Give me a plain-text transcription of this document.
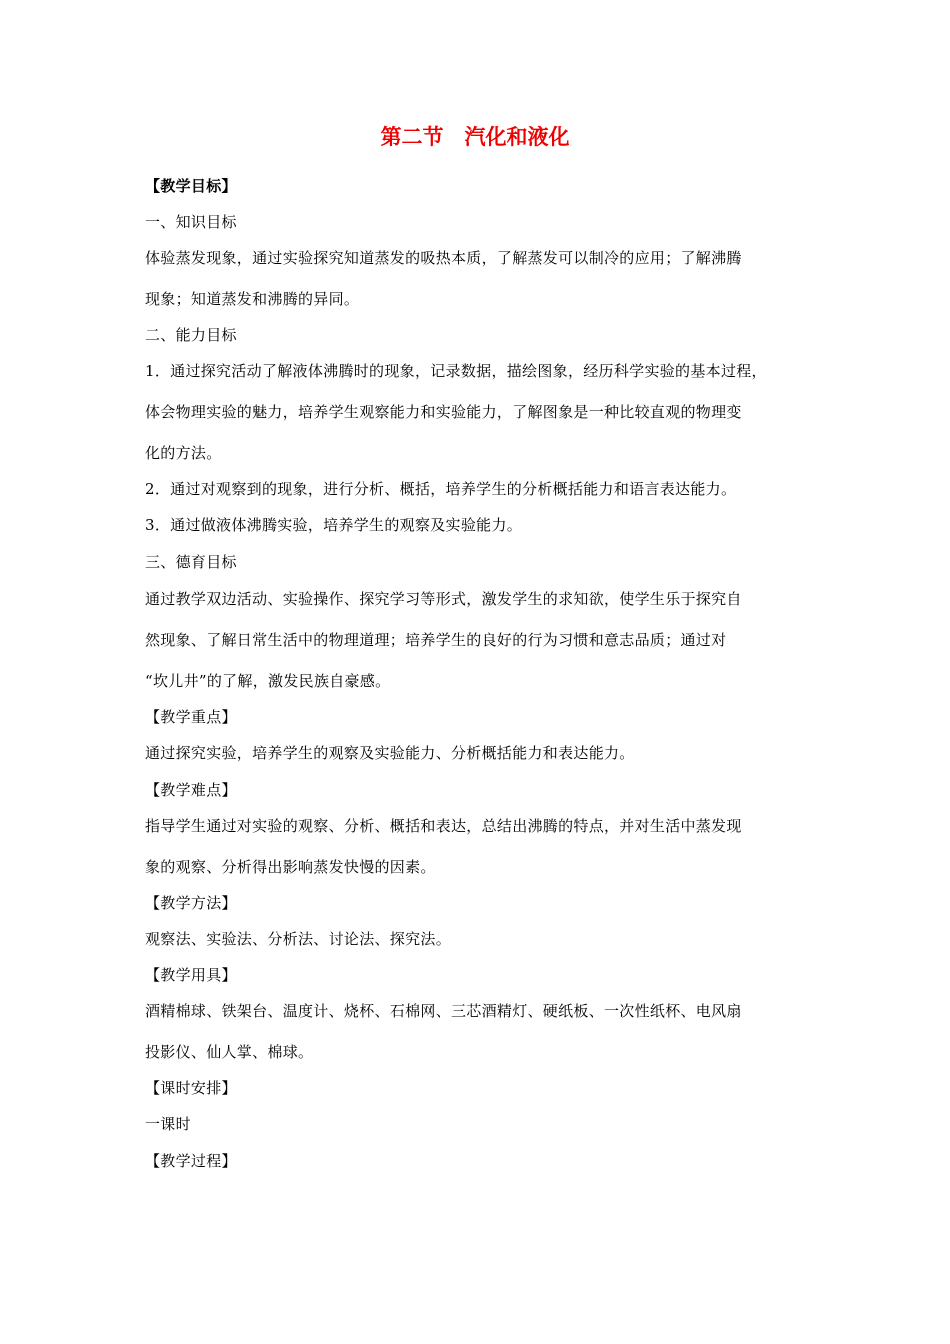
第二节　汽化和液化
【教学目标】
一、知识目标
体验蒸发现象，通过实验探究知道蒸发的吸热本质，了解蒸发可以制冷的应用；了解沸腾
现象；知道蒸发和沸腾的异同。
二、能力目标
1．通过探究活动了解液体沸腾时的现象，记录数据，描绘图象，经历科学实验的基本过程，
体会物理实验的魅力，培养学生观察能力和实验能力，了解图象是一种比较直观的物理变
化的方法。
2．通过对观察到的现象，进行分析、概括，培养学生的分析概括能力和语言表达能力。
3．通过做液体沸腾实验，培养学生的观察及实验能力。
三、德育目标
通过教学双边活动、实验操作、探究学习等形式，激发学生的求知欲，使学生乐于探究自
然现象、了解日常生活中的物理道理；培养学生的良好的行为习惯和意志品质；通过对
“坎儿井”的了解，激发民族自豪感。
【教学重点】
通过探究实验，培养学生的观察及实验能力、分析概括能力和表达能力。
【教学难点】
指导学生通过对实验的观察、分析、概括和表达，总结出沸腾的特点，并对生活中蒸发现
象的观察、分析得出影响蒸发快慢的因素。
【教学方法】
观察法、实验法、分析法、讨论法、探究法。
【教学用具】
酒精棉球、铁架台、温度计、烧杯、石棉网、三芯酒精灯、硬纸板、一次性纸杯、电风扇
投影仪、仙人掌、棉球。
【课时安排】
一课时
【教学过程】
